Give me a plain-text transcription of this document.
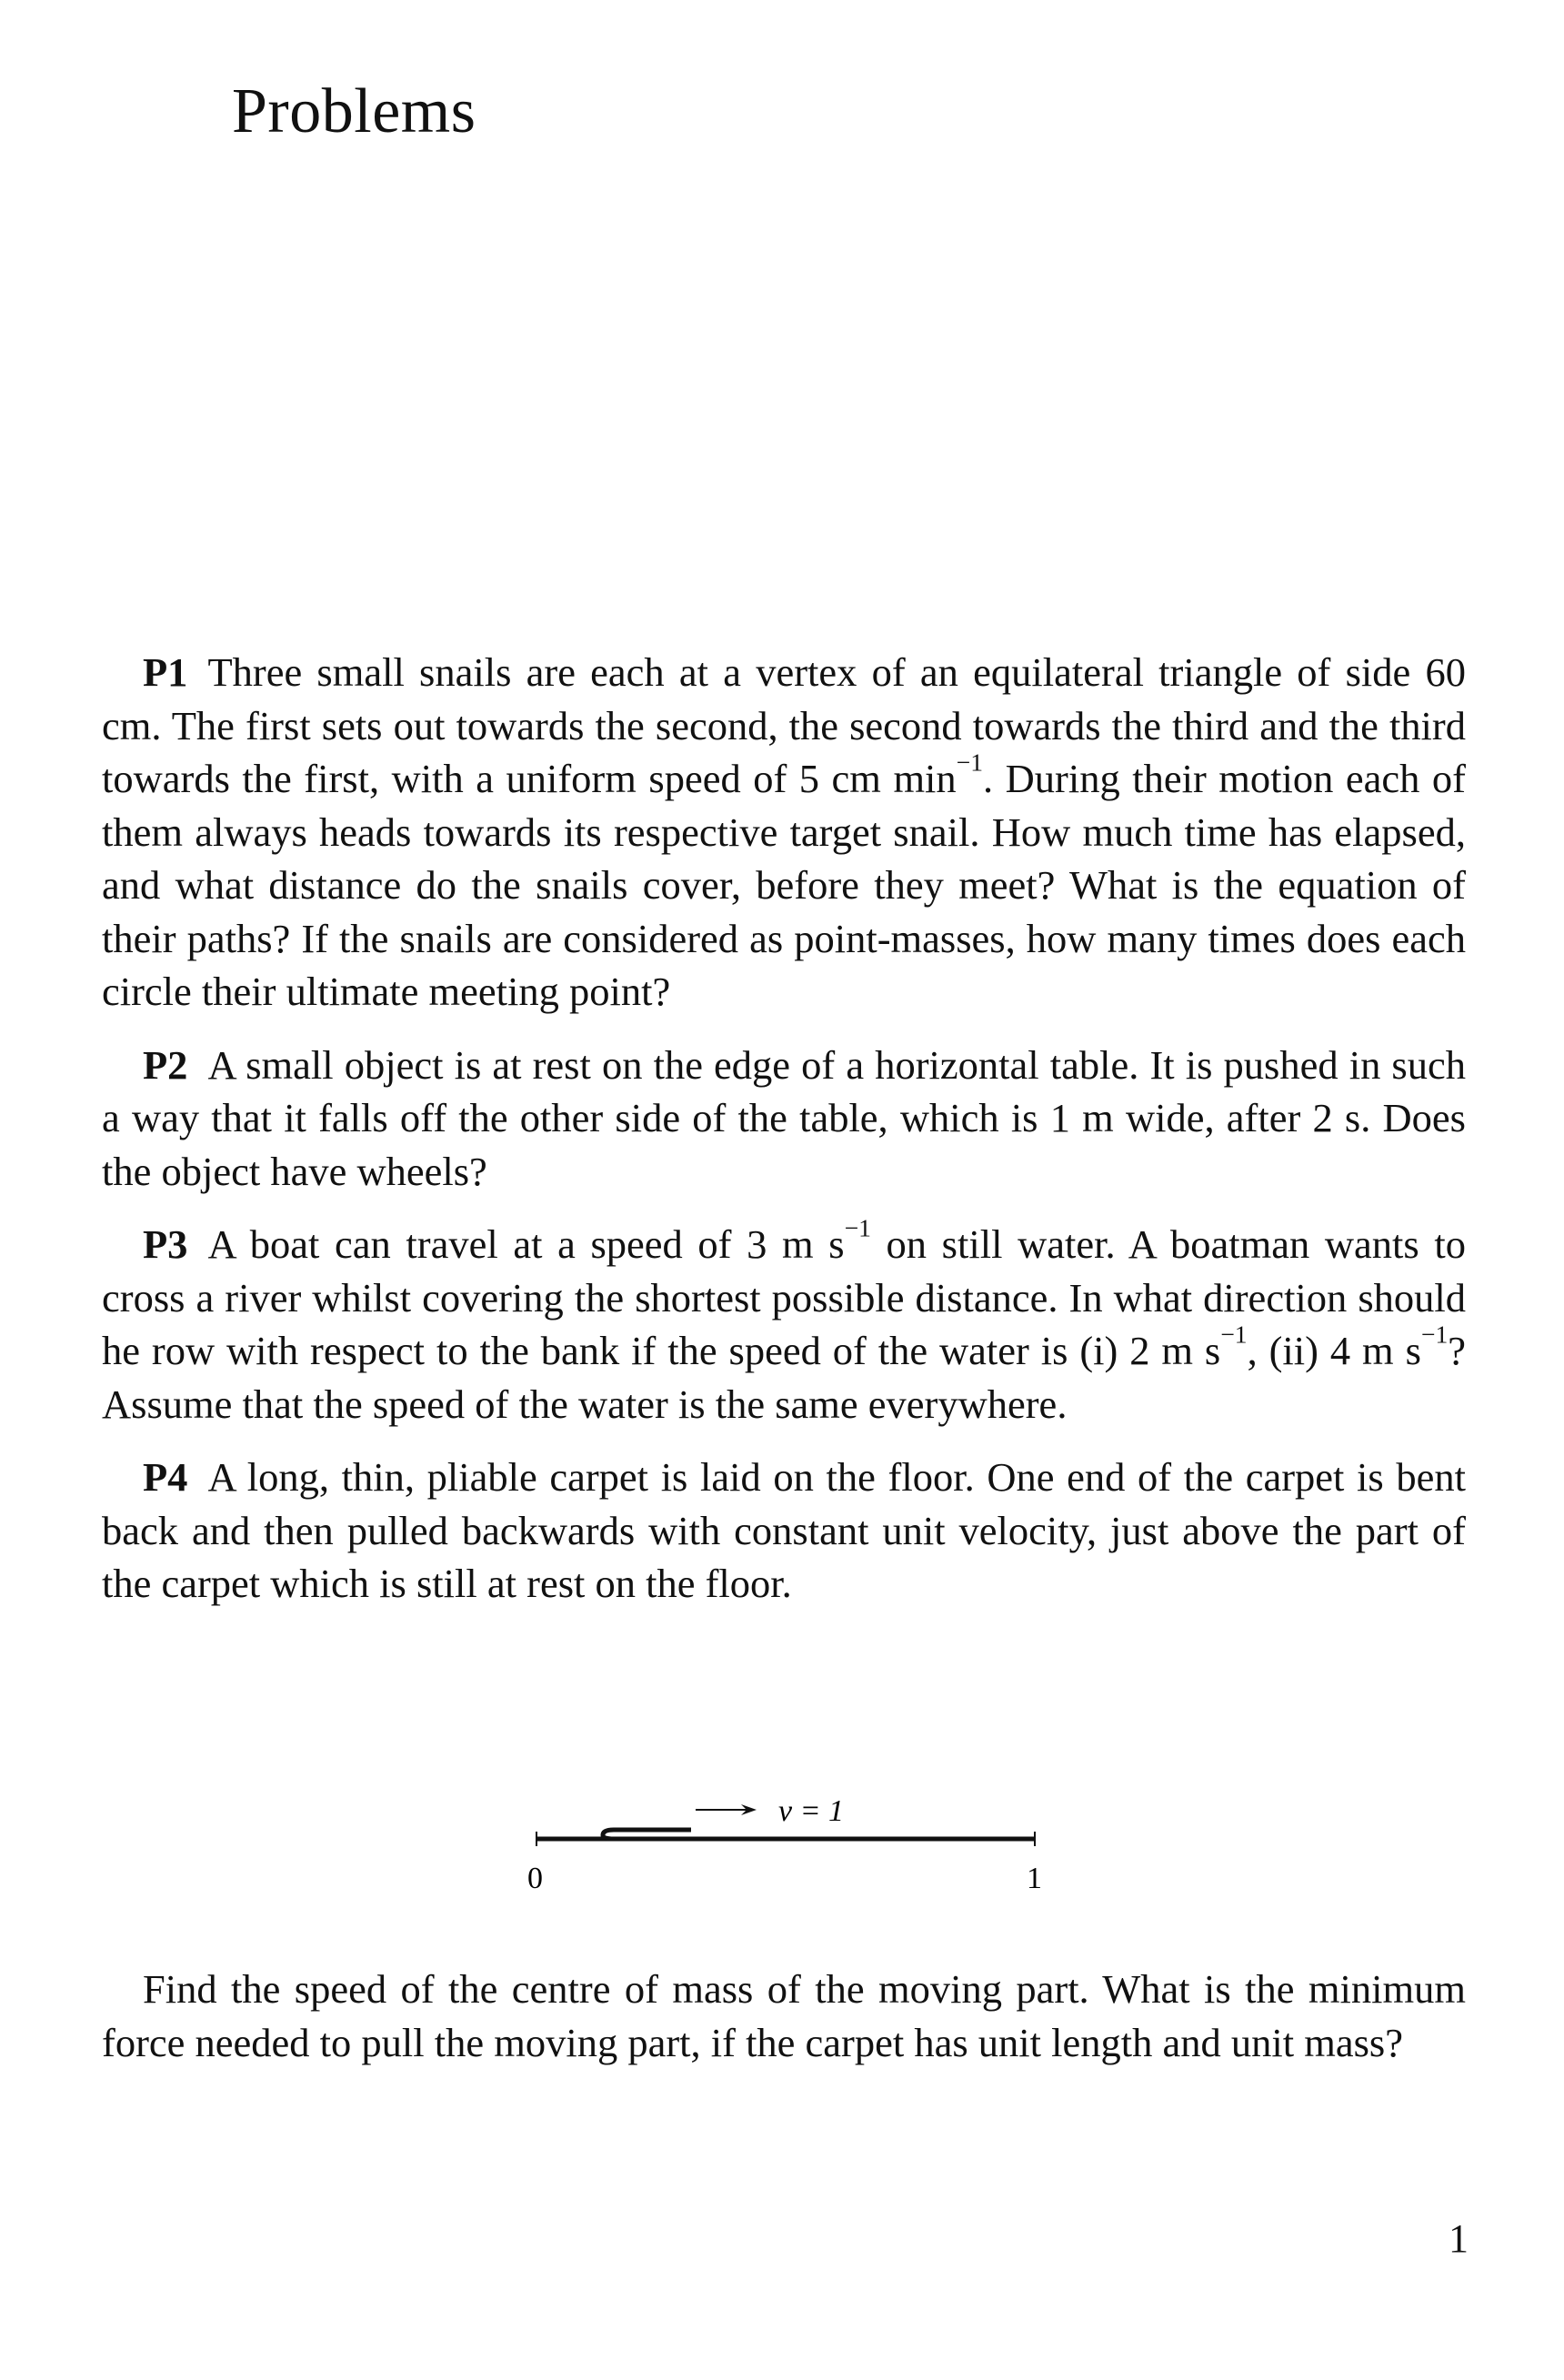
Problems

P1 Three small snails are each at a vertex of an equilateral triangle of side 60 cm. The first sets out towards the second, the second towards the third and the third towards the first, with a uniform speed of 5 cm $\min^{-1}$. During their motion each of them always heads towards its respective target snail. How much time has elapsed, and what distance do the snails cover, before they meet? What is the equation of their paths? If the snails are considered as point-masses, how many times does each circle their ultimate meeting point?

P2 A small object is at rest on the edge of a horizontal table. It is pushed in such a way that it falls off the other side of the table, which is 1 m wide, after 2 s. Does the object have wheels?

P3 A boat can travel at a speed of 3 m $s^{-1}$ on still water. A boatman wants to cross a river whilst covering the shortest possible distance. In what direction should he row with respect to the bank if the speed of the water is (i) 2 m $s^{-1}$, (ii) 4 m $s^{-1}$? Assume that the speed of the water is the same everywhere.

P4 A long, thin, pliable carpet is laid on the floor. One end of the carpet is bent back and then pulled backwards with constant unit velocity, just above the part of the carpet which is still at rest on the floor.

v = 1
0	1

Find the speed of the centre of mass of the moving part. What is the minimum force needed to pull the moving part, if the carpet has unit length and unit mass?

1
